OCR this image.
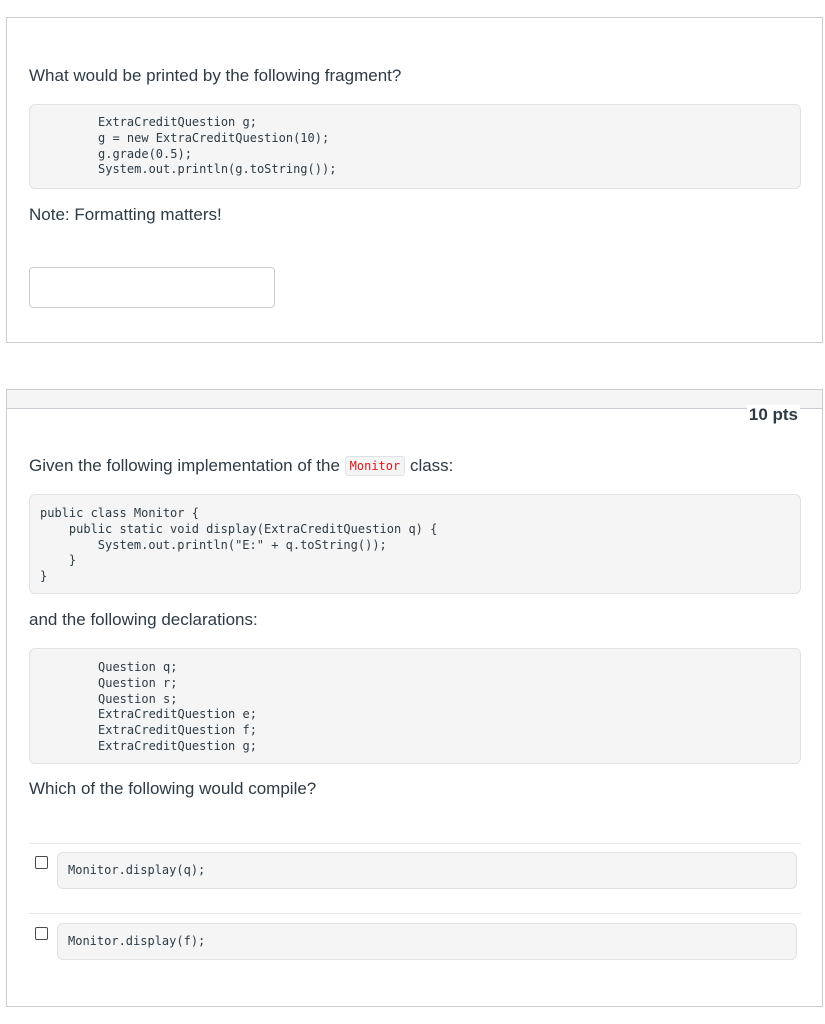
What would be printed by the following fragment?
ExtraCreditQuestion g;
g = new ExtraCreditQuestion(10);
g.grade(0.5);
System.out.println(g.toString());
Note: Formatting matters!
10 pts
Given the following implementation of the Monitor class:
public class Monitor {
public static void display(ExtraCreditQuestion q) {
System.out.println("E:" + q.toString());
}
}
and the following declarations:
Question q;
Question r;
Question s;
ExtraCreditQuestion e;
ExtraCreditQuestion f;
ExtraCreditQuestion g;
Which of the following would compile?
Monitor.display(q);
Monitor.display(f);
